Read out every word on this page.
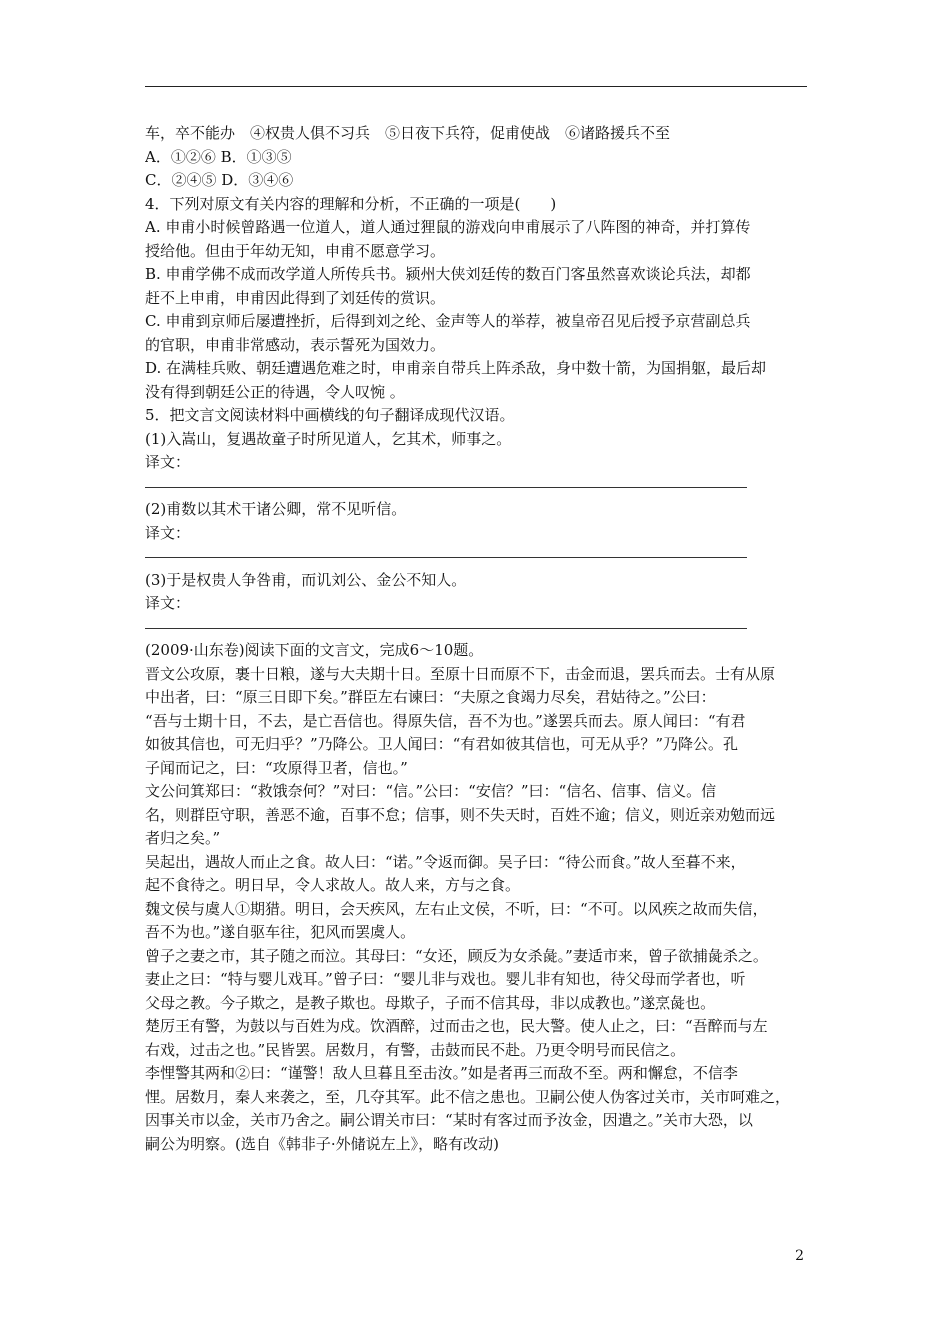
车，卒不能办　④权贵人俱不习兵　⑤日夜下兵符，促甫使战　⑥诸路援兵不至
A．①②⑥ B．①③⑤
C．②④⑤ D．③④⑥
4．下列对原文有关内容的理解和分析，不正确的一项是(　　)
A. 申甫小时候曾路遇一位道人，道人通过狸鼠的游戏向申甫展示了八阵图的神奇，并打算传
授给他。但由于年幼无知，申甫不愿意学习。
B. 申甫学佛不成而改学道人所传兵书。颍州大侠刘廷传的数百门客虽然喜欢谈论兵法，却都
赶不上申甫，申甫因此得到了刘廷传的赏识。
C. 申甫到京师后屡遭挫折，后得到刘之纶、金声等人的举荐，被皇帝召见后授予京营副总兵
的官职，申甫非常感动，表示誓死为国效力。
D. 在满桂兵败、朝廷遭遇危难之时，申甫亲自带兵上阵杀敌，身中数十箭，为国捐躯，最后却
没有得到朝廷公正的待遇，令人叹惋 。
5．把文言文阅读材料中画横线的句子翻译成现代汉语。
(1)入嵩山，复遇故童子时所见道人，乞其术，师事之。
译文：
(2)甫数以其术干诸公卿，常不见听信。
译文：
(3)于是权贵人争咎甫，而讥刘公、金公不知人。
译文：
(2009·山东卷)阅读下面的文言文，完成6～10题。
晋文公攻原，裹十日粮，遂与大夫期十日。至原十日而原不下，击金而退，罢兵而去。士有从原
中出者，曰：“原三日即下矣。”群臣左右谏曰：“夫原之食竭力尽矣，君姑待之。”公曰：
“吾与士期十日，不去，是亡吾信也。得原失信，吾不为也。”遂罢兵而去。原人闻曰：“有君
如彼其信也，可无归乎？”乃降公。卫人闻曰：“有君如彼其信也，可无从乎？”乃降公。孔
子闻而记之，曰：“攻原得卫者，信也。”
文公问箕郑曰：“救饿奈何？”对曰：“信。”公曰：“安信？”曰：“信名、信事、信义。信
名，则群臣守职，善恶不逾，百事不怠；信事，则不失天时，百姓不逾；信义，则近亲劝勉而远
者归之矣。”
吴起出，遇故人而止之食。故人曰：“诺。”令返而御。吴子曰：“待公而食。”故人至暮不来，
起不食待之。明日早，令人求故人。故人来，方与之食。
魏文侯与虞人①期猎。明日，会天疾风，左右止文侯，不听，曰：“不可。以风疾之故而失信，
吾不为也。”遂自驱车往，犯风而罢虞人。
曾子之妻之市，其子随之而泣。其母曰：“女还，顾反为女杀彘。”妻适市来，曾子欲捕彘杀之。
妻止之曰：“特与婴儿戏耳。”曾子曰：“婴儿非与戏也。婴儿非有知也，待父母而学者也，听
父母之教。今子欺之，是教子欺也。母欺子，子而不信其母，非以成教也。”遂烹彘也。
楚厉王有警，为鼓以与百姓为戍。饮酒醉，过而击之也，民大警。使人止之，曰：“吾醉而与左
右戏，过击之也。”民皆罢。居数月，有警，击鼓而民不赴。乃更令明号而民信之。
李悝警其两和②曰：“谨警！敌人旦暮且至击汝。”如是者再三而敌不至。两和懈怠，不信李
悝。居数月，秦人来袭之，至，几夺其军。此不信之患也。卫嗣公使人伪客过关市，关市呵难之，
因事关市以金，关市乃舍之。嗣公谓关市曰：“某时有客过而予汝金，因遣之。”关市大恐，以
嗣公为明察。(选自《韩非子·外储说左上》，略有改动)
2
